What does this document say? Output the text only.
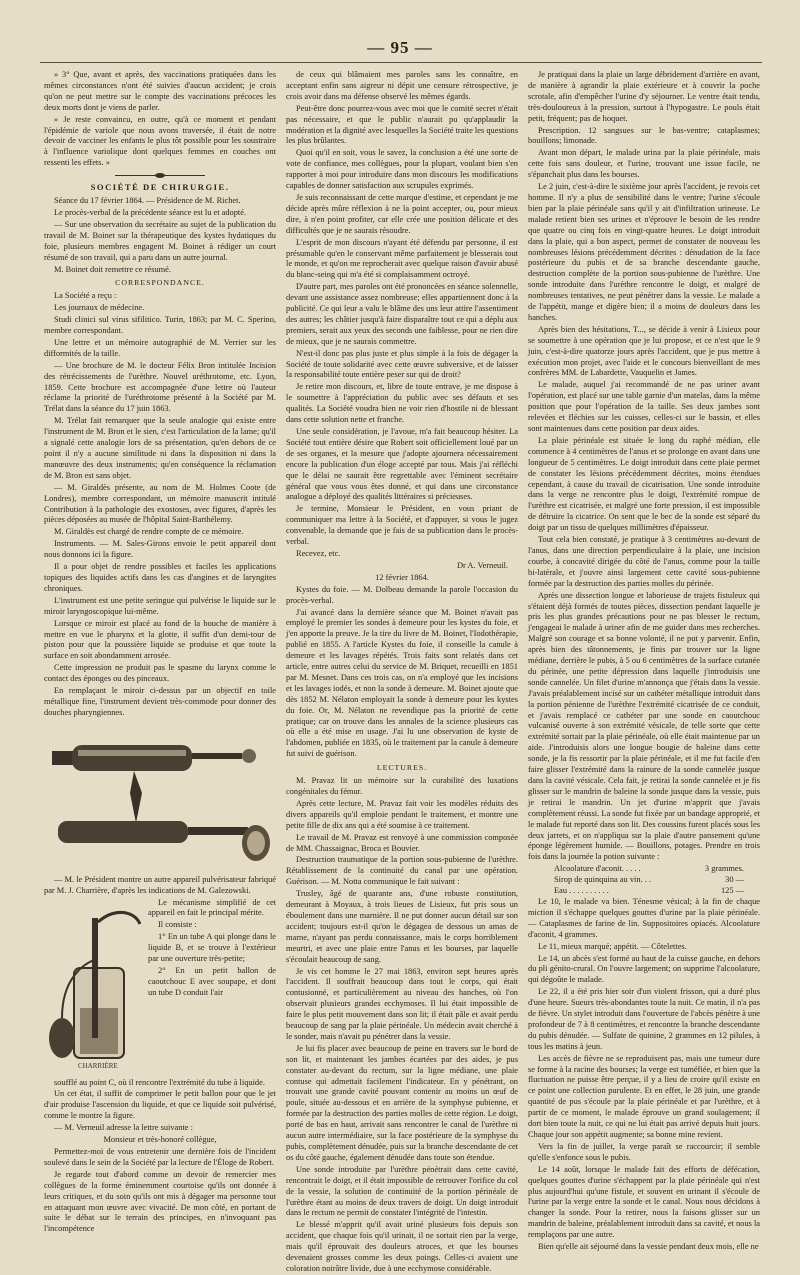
— 95 —

» 3° Que, avant et après, des vaccinations pratiquées dans les mêmes circonstances n'ont été suivies d'aucun accident; je crois qu'on ne peut mettre sur le compte des vaccinations précoces les deux morts dont je viens de parler.

» Je reste convaincu, en outre, qu'à ce moment et pendant l'épidémie de variole que nous avons traversée, il était de notre devoir de vacciner les enfants le plus tôt possible pour les soustraire à l'influence variolique dont quelques femmes en couches ont ressenti les effets. »

SOCIÉTÉ DE CHIRURGIE.

Séance du 17 février 1864. — Présidence de M. Richet.

Le procès-verbal de la précédente séance est lu et adopté.

— Sur une observation du secrétaire au sujet de la publication du travail de M. Boinet sur la thérapeutique des kystes hydatiques du foie, plusieurs membres engagent M. Boinet à rédiger un court résumé de son travail, qui a paru dans un autre journal.

M. Boinet doit remettre ce résumé.

CORRESPONDANCE.

La Société a reçu :

Les journaux de médecine.

Studi clinici sul virus sifilitico. Turin, 1863; par M. C. Sperino, membre correspondant.

Une lettre et un mémoire autographié de M. Verrier sur les difformités de la taille.

— Une brochure de M. le docteur Félix Bron intitulée Incision des rétrécissements de l'urèthre. Nouvel uréthrotome, etc. Lyon, 1859. Cette brochure est accompagnée d'une lettre où l'auteur réclame la priorité de l'uréthrotome présenté à la Société par M. Trélat dans la séance du 17 juin 1863.

M. Trélat fait remarquer que la seule analogie qui existe entre l'instrument de M. Bron et le sien, c'est l'articulation de la lame; qu'il a signalé cette analogie lors de sa présentation, qu'en dehors de ce point il n'y a aucune similitude ni dans la disposition ni dans la manœuvre des deux instruments; qu'en conséquence la réclamation de M. Bron est sans objet.

— M. Giraldès présente, au nom de M. Holmes Coote (de Londres), membre correspondant, un mémoire manuscrit intitulé Contribution à la pathologie des exostoses, avec figures, d'après les pièces déposées au musée de l'hôpital Saint-Barthélemy.

M. Giraldès est chargé de rendre compte de ce mémoire.

Instruments. — M. Sales-Girons envoie le petit appareil dont nous donnons ici la figure.

Il a pour objet de rendre possibles et faciles les applications topiques des liquides actifs dans les cas d'angines et de laryngites chroniques.

L'instrument est une petite seringue qui pulvérise le liquide sur le miroir laryngoscopique lui-même.

Lorsque ce miroir est placé au fond de la bouche de manière à mettre en vue le pharynx et la glotte, il suffit d'un demi-tour de piston pour que la poussière liquide se produise et que toute la surface en soit abondamment arrosée.

Cette impression ne produit pas le spasme du larynx comme le contact des éponges ou des pinceaux.

En remplaçant le miroir ci-dessus par un objectif en toile métallique fine, l'instrument devient très-commode pour donner des douches pharyngiennes.

— M. le Président montre un autre appareil pulvérisateur fabriqué par M. J. Charrière, d'après les indications de M. Galezowski.

CHARRIÈRE

Le mécanisme simplifié de cet appareil en fait le principal mérite.

Il consiste :

1° En un tube A qui plonge dans le liquide B, et se trouve à l'extérieur par une ouverture très-petite;

2° En un petit ballon de caoutchouc E avec soupape, et dont un tube D conduit l'air

soufflé au point C, où il rencontre l'extrémité du tube à liquide.

Un cet état, il suffit de comprimer le petit ballon pour que le jet d'air produise l'ascension du liquide, et que ce liquide soit pulvérisé, comme le montre la figure.

— M. Verneuil adresse la lettre suivante :

Monsieur et très-honoré collègue,

Permettez-moi de vous entretenir une dernière fois de l'incident soulevé dans le sein de la Société par la lecture de l'Éloge de Robert.

Je regarde tout d'abord comme un devoir de remercier mes collègues de la forme éminemment courtoise qu'ils ont donnée à leurs critiques, et du soin qu'ils ont mis à dégager ma personne tout en attaquant mon œuvre avec vivacité. De mon côté, en portant de suite le débat sur le terrain des principes, en n'invoquant pas l'incompétence

de ceux qui blâmaient mes paroles sans les connaître, en acceptant enfin sans aigreur ni dépit une censure rétrospective, je crois avoir dans ma défense observé les mêmes égards.

Peut-être donc pourrez-vous avec moi que le comité secret n'était pas nécessaire, et que le public n'aurait pu qu'applaudir la modération et la dignité avec lesquelles la Société traite les questions les plus brûlantes.

Quoi qu'il en soit, vous le savez, la conclusion a été une sorte de vote de confiance, mes collègues, pour la plupart, voulant bien s'en rapporter à moi pour introduire dans mon discours les modifications capables de donner satisfaction aux scrupules exprimés.

Je suis reconnaissant de cette marque d'estime, et cependant je me décide après mûre réflexion à ne la point accepter, ou, pour mieux dire, à n'en point profiter, car elle crée une position délicate et des difficultés que je ne saurais résoudre.

L'esprit de mon discours n'ayant été défendu par personne, il est présumable qu'en le conservant même parfaitement je blesserais tout le monde, et qu'on me reprocherait avec quelque raison d'avoir abusé du blanc-seing qui m'a été si complaisamment octroyé.

D'autre part, mes paroles ont été prononcées en séance solennelle, devant une assistance assez nombreuse; elles appartiennent donc à la publicité. Ce qui leur a valu le blâme des uns leur attire l'assentiment des autres; les châtier jusqu'à faire disparaître tout ce qui a déplu aux premiers, serait aux yeux des seconds une faiblesse, pour ne rien dire de mieux, que je ne saurais commettre.

N'est-il donc pas plus juste et plus simple à la fois de dégager la Société de toute solidarité avec cette œuvre subversive, et de laisser la responsabilité toute entière peser sur qui de droit?

Je retire mon discours, et, libre de toute entrave, je me dispose à le soumettre à l'appréciation du public avec ses défauts et ses qualités. La Société voudra bien ne voir rien d'hostile ni de blessant dans cette solution nette et franche.

Une seule considération, je l'avoue, m'a fait beaucoup hésiter. La Société tout entière désire que Robert soit officiellement loué par un de ses organes, et la mesure que j'adopte ajournera nécessairement encore la publication d'un éloge accepté par tous. Mais j'ai réfléchi que le délai ne saurait être regrettable avec l'éminent secrétaire général que vous vous êtes donné, et qui dans une circonstance analogue a déployé des qualités littéraires si précieuses.

Je termine, Monsieur le Président, en vous priant de communiquer ma lettre à la Société, et d'appuyer, si vous le jugez convenable, la demande que je fais de sa publication dans le procès-verbal.

Recevez, etc.

Dr A. Verneuil.

12 février 1864.

Kystes du foie. — M. Dolbeau demande la parole l'occasion du procès-verbal.

J'ai avancé dans la dernière séance que M. Boinet n'avait pas employé le premier les sondes à demeure pour les kystes du foie, et j'en apporte la preuve. Je la tire du livre de M. Boinet, l'Iodothérapie, publié en 1855. A l'article Kystes du foie, il conseille la canule à demeure et les lavages répétés. Trois faits sont relatés dans cet article, entre autres celui du service de M. Briquet, recueilli en 1851 par M. Mesnet. Dans ces trois cas, on n'a employé que les incisions et les lavages iodés, et non la sonde à demeure. M. Boinet ajoute que dès 1852 M. Nélaton employait la sonde à demeure pour les kystes du foie. Or, M. Nélaton ne revendique pas la priorité de cette pratique; car on trouve dans les annales de la science plusieurs cas où elle a été mise en usage. J'ai lu une observation de kyste de l'abdomen, publiée en 1835, où le traitement par la canule à demeure fut suivi de guérison.

LECTURES.

M. Pravaz lit un mémoire sur la curabilité des luxations congénitales du fémur.

Après cette lecture, M. Pravaz fait voir les modèles réduits des divers appareils qu'il emploie pendant le traitement, et montre une petite fille de dix ans qui a été soumise à ce traitement.

Le travail de M. Pravaz est renvoyé à une commission composée de MM. Chassaignac, Broca et Bouvier.

Destruction traumatique de la portion sous-pubienne de l'urèthre. Rétablissement de la continuité du canal par une opération. Guérison. — M. Notta communique le fait suivant :

Trusley, âgé de quarante ans, d'une robuste constitution, demeurant à Moyaux, à trois lieues de Lisieux, fut pris sous un éboulement dans une marnière. Il ne put donner aucun détail sur son accident; toujours est-il qu'on le dégagea de dessous un amas de marne, n'ayant pas perdu connaissance, mais le corps horriblement meurtri, et avec une plaie entre l'anus et les bourses, par laquelle s'écoulait beaucoup de sang.

Je vis cet homme le 27 mai 1863, environ sept heures après l'accident. Il souffrait beaucoup dans tout le corps, qui était contusionné, et particulièrement au niveau des hanches, où l'on observait plusieurs grandes ecchymoses. Il lui était impossible de faire le plus petit mouvement dans son lit; il était pâle et avait perdu beaucoup de sang par la plaie périnéale. Un médecin avait cherché à le sonder, mais n'avait pu pénétrer dans la vessie.

Je lui fis placer avec beaucoup de peine en travers sur le bord de son lit, et maintenant les jambes écartées par des aides, je pus constater au-devant du rectum, sur la ligne médiane, une plaie contuse qui admettait facilement l'indicateur. En y pénétrant, on trouvait une grande cavité pouvant contenir au moins un œuf de poule, située au-dessous et en arrière de la symphyse pubienne, et formée par la destruction des parties molles de cette région. Le doigt, porté de bas en haut, arrivait sans rencontrer le canal de l'urèthre ni aucun autre intermédiaire, sur la face postérieure de la symphyse du pubis, complètement dénudée, puis sur la branche descendante de cet os du côté gauche, également dénudée dans toute son étendue.

Une sonde introduite par l'urèthre pénétrait dans cette cavité, rencontrait le doigt, et il était impossible de retrouver l'orifice du col de la vessie, la solution de continuité de la portion périnéale de l'urèthre étant au moins de deux travers de doigt. Un doigt introduit dans le rectum ne permit de constater l'intégrité de l'intestin.

Le blessé m'apprit qu'il avait uriné plusieurs fois depuis son accident, que chaque fois qu'il urinait, il ne sortait rien par la verge, mais qu'il éprouvait des douleurs atroces, et que les bourses devenaient grosses comme les deux poings. Celles-ci avaient une coloration noirâtre livide, due à une ecchymose considérable.

Je pratiquai dans la plaie un large débridement d'arrière en avant, de manière à agrandir la plaie extérieure et à couvrir la poche scrotale, afin d'empêcher l'urine d'y séjourner. Le ventre était tendu, très-douloureux à la pression, surtout à l'hypogastre. Le pouls était petit, fréquent; pas de hoquet.

Prescription. 12 sangsues sur le bas-ventre; cataplasmes; bouillons; limonade.

Avant mon départ, le malade urina par la plaie périnéale, mais cette fois sans douleur, et l'urine, trouvant une issue facile, ne s'épanchait plus dans les bourses.

Le 2 juin, c'est-à-dire le sixième jour après l'accident, je revois cet homme. Il n'y a plus de sensibilité dans le ventre; l'urine s'écoule bien par la plaie périnéale sans qu'il y ait d'infiltration urineuse. Le malade retient bien ses urines et n'éprouve le besoin de les rendre que quatre ou cinq fois en vingt-quatre heures. Le doigt introduit dans la plaie, qui a bon aspect, permet de constater de nouveau les nombreuses lésions précédemment décrites : dénudation de la face postérieure du pubis et de sa branche descendante gauche, destruction complète de la portion sous-pubienne de l'urèthre. Une sonde introduite dans l'urèthre rencontre le doigt, et malgré de nombreuses tentatives, ne peut pénétrer dans la vessie. Le malade a de l'appétit, mange et digère bien; il a moins de douleurs dans les hanches.

Après bien des hésitations, T..., se décide à venir à Lisieux pour se soumettre à une opération que je lui propose, et ce n'est que le 9 juin, c'est-à-dire quatorze jours après l'accident, que je pus mettre à exécution mon projet, avec l'aide et le concours bienveillant de mes confrères MM. de Labardette, Vauquelin et James.

Le malade, auquel j'ai recommandé de ne pas uriner avant l'opération, est placé sur une table garnie d'un matelas, dans la même position que pour l'opération de la taille. Ses deux jambes sont relevées et fléchies sur les cuisses, celles-ci sur le bassin, et elles sont maintenues dans cette position par deux aides.

La plaie périnéale est située le long du raphé médian, elle commence à 4 centimètres de l'anus et se prolonge en avant dans une longueur de 5 centimètres. Le doigt introduit dans cette plaie permet de constater les lésions précédemment décrites, moins étendues cependant, à cause du travail de cicatrisation. Une sonde introduite dans la verge ne rencontre plus le doigt, l'extrémité rompue de l'urèthre est cicatrisée, et malgré une forte pression, il est impossible de détruire la cicatrice. On sent que le bec de la sonde est séparé du doigt par un tissu de quelques millimètres d'épaisseur.

Tout cela bien constaté, je pratique à 3 centimètres au-devant de l'anus, dans une direction perpendiculaire à la plaie, une incision courbe, à concavité dirigée du côté de l'anus, comme pour la taille bi-latérale, et j'ouvre ainsi largement cette cavité sous-pubienne formée par la destruction des parties molles du périnée.

Après une dissection longue et laborieuse de trajets fistuleux qui s'étaient déjà formés de toutes pièces, dissection pendant laquelle je pris les plus grandes précautions pour ne pas blesser le rectum, j'engageai le malade à uriner afin de me guider dans mes recherches. Malgré son courage et sa bonne volonté, il ne put y parvenir. Enfin, après bien des tâtonnements, je finis par trouver sur la ligne médiane, derrière le pubis, à 5 ou 6 centimètres de la surface cutanée du périnée, une petite dépression dans laquelle j'introduisis une sonde cannelée. Un filet d'urine m'annonça que j'étais dans la vessie. J'avais préalablement incisé sur un cathéter métallique introduit dans la portion pénienne de l'urèthre l'extrémité cicatrisée de ce conduit, et j'avais remplacé ce cathéter par une sonde en caoutchouc vulcanisé ouverte à son extrémité vésicale, de telle sorte que cette extrémité sortait par la plaie périnéale, où elle était maintenue par un aide. J'introduisis alors une longue bougie de baleine dans cette sonde, je la fis ressortir par la plaie périnéale, et il me fut facile d'en faire glisser l'extrémité dans la rainure de la sonde cannelée jusque dans la cavité vésicale. Cela fait, je retirai la sonde cannelée et je fis glisser sur le mandrin de baleine la sonde jusque dans la vessie, puis je retirai le mandrin. Un jet d'urine m'apprit que j'avais complètement réussi. La sonde fut fixée par un bandage approprié, et le malade fut reporté dans son lit. Des coussins furent placés sous les deux jarrets, et on n'appliqua sur la plaie d'autre pansement qu'une éponge légèrement humide. — Bouillons, potages. Prendre en trois fois dans la journée la potion suivante :

Alcoolature d'aconit. . . . .	3 grammes.
Sirop de quinquina au vin. . .	30 —
Eau . . . . . . . . . .	125 —

Le 10, le malade va bien. Ténesme vésical; à la fin de chaque miction il s'échappe quelques gouttes d'urine par la plaie périnéale. — Cataplasmes de farine de lin. Suppositoires opiacés. Alcoolature d'aconit, 4 grammes.

Le 11, mieux marqué; appétit. — Côtelettes.

Le 14, un abcès s'est formé au haut de la cuisse gauche, en dehors du pli génito-crural. On l'ouvre largement; on supprime l'alcoolature, qui dégoûte le malade.

Le 22, il a été pris hier soir d'un violent frisson, qui a duré plus d'une heure. Sueurs très-abondantes toute la nuit. Ce matin, il n'a pas de fièvre. Un stylet introduit dans l'ouverture de l'abcès pénètre à une profondeur de 7 à 8 centimètres, et rencontre la branche descendante du pubis dénudée. — Sulfate de quinine, 2 grammes en 12 pilules, à tous les matins à jeun.

Les accès de fièvre ne se reproduisent pas, mais une tumeur dure se forme à la racine des bourses; la verge est tuméfiée, et bien que la fluctuation ne puisse être perçue, il y a lieu de croire qu'il existe en ce point une collection purulente. Et en effet, le 28 juin, une grande quantité de pus s'écoule par la plaie périnéale et par l'urèthre, et à partir de ce moment, le malade éprouve un grand soulagement; il dort bien toute la nuit, ce qui ne lui était pas arrivé depuis huit jours. Chaque jour son appétit augmente; sa bonne mine revient.

Vers la fin de juillet, la verge paraît se raccourcir; il semble qu'elle s'enfonce sous le pubis.

Le 14 août, lorsque le malade fait des efforts de défécation, quelques gouttes d'urine s'échappent par la plaie périnéale qui n'est plus aujourd'hui qu'une fistule, et souvent en urinant il s'écoule de l'urine par la verge entre la sonde et le canal. Nous nous décidons à changer la sonde. Pour la retirer, nous la faisons glisser sur un mandrin de baleine, préalablement introduit dans sa cavité, et nous la remplaçons par une autre.

Bien qu'elle ait séjourné dans la vessie pendant deux mois, elle ne
